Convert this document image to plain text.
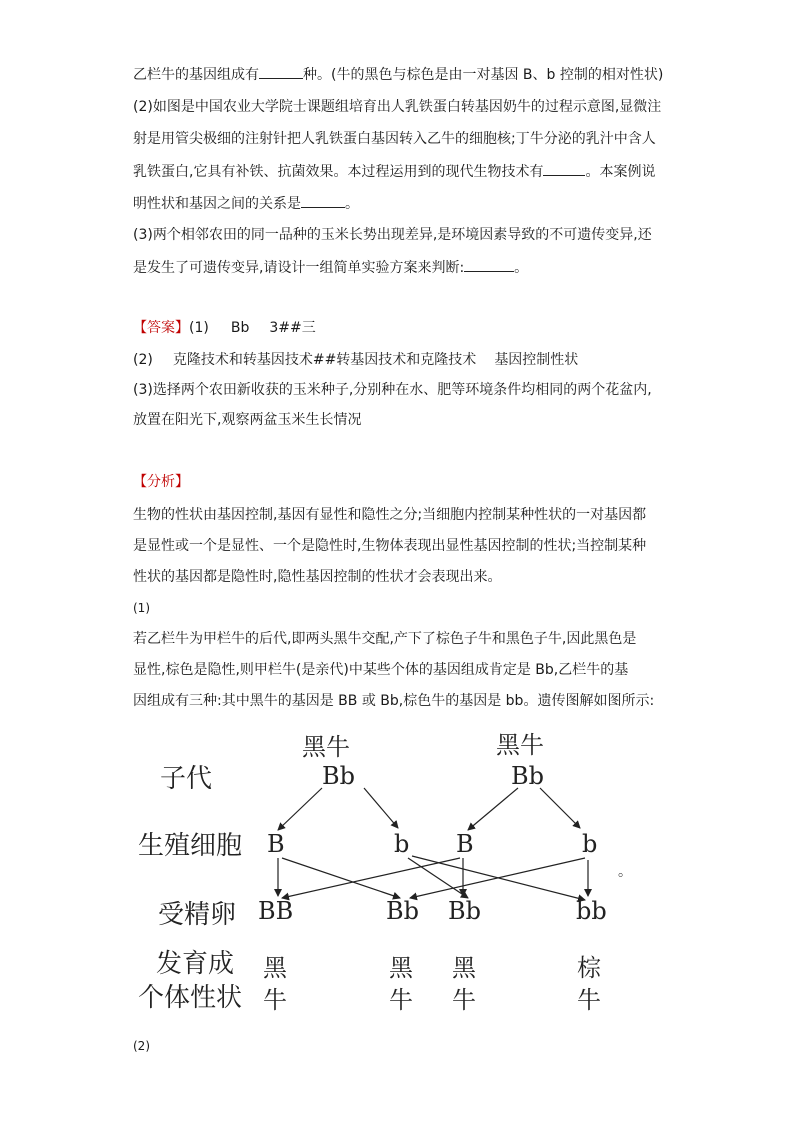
乙栏牛的基因组成有	种。(牛的黑色与棕色是由一对基因 B、b 控制的相对性状)
(2)如图是中国农业大学院士课题组培育出人乳铁蛋白转基因奶牛的过程示意图,显微注
射是用管尖极细的注射针把人乳铁蛋白基因转入乙牛的细胞核;丁牛分泌的乳汁中含人
乳铁蛋白,它具有补铁、抗菌效果。本过程运用到的现代生物技术有	。本案例说
明性状和基因之间的关系是	。
(3)两个相邻农田的同一品种的玉米长势出现差异,是环境因素导致的不可遗传变异,还
是发生了可遗传变异,请设计一组简单实验方案来判断:	。
【答案】(1) Bb 3##三
(2) 克隆技术和转基因技术##转基因技术和克隆技术 基因控制性状
(3)选择两个农田新收获的玉米种子,分别种在水、肥等环境条件均相同的两个花盆内,
放置在阳光下,观察两盆玉米生长情况
【分析】
生物的性状由基因控制,基因有显性和隐性之分;当细胞内控制某种性状的一对基因都
是显性或一个是显性、一个是隐性时,生物体表现出显性基因控制的性状;当控制某种
性状的基因都是隐性时,隐性基因控制的性状才会表现出来。
(1)
若乙栏牛为甲栏牛的后代,即两头黑牛交配,产下了棕色子牛和黑色子牛,因此黑色是
显性,棕色是隐性,则甲栏牛(是亲代)中某些个体的基因组成肯定是 Bb,乙栏牛的基
因组成有三种:其中黑牛的基因是 BB 或 Bb,棕色牛的基因是 bb。遗传图解如图所示:
子代
生殖细胞
受精卵
发育成
个体性状
黑牛
Bb
黑牛
Bb
B	b B	b
BB	Bb Bb	bb
黑
牛
黑
牛
黑
牛
棕
牛
。
(2)
